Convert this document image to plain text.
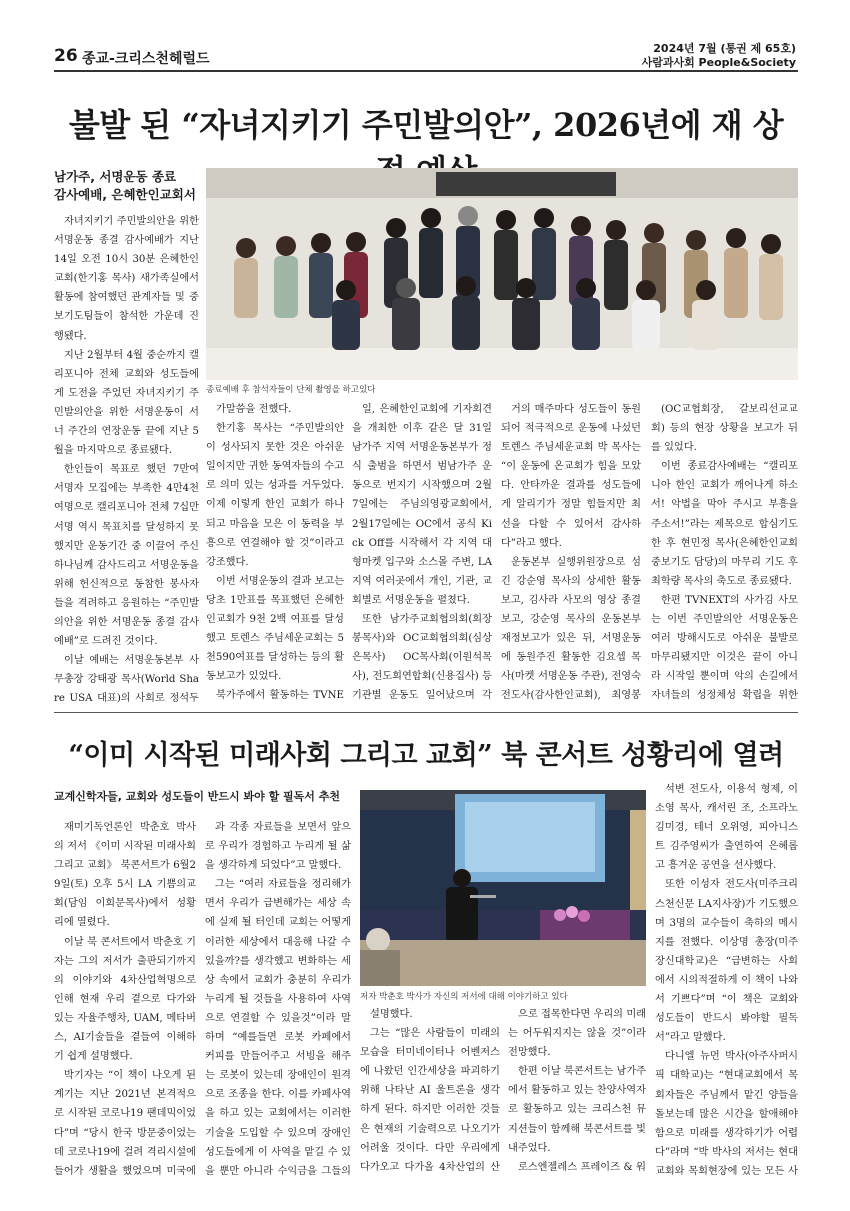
26 종교-크리스천헤럴드
2024년 7월 (통권 제 65호)
사람과사회 People&Society
불발 된 “자녀지키기 주민발의안”, 2026년에 재 상
남가주, 서명운동 종료
감사예배, 은혜한인교회서
종료예배 후 참석자들이 단체 촬영을 하고있다

자녀지키기 주민발의안을 위한 서명운동 종결 감사예배가 지난 14일 오전 10시 30분 은혜한인교회(한기홍 목사) 새가족실에서 활동에 참여했던 관계자들 및 중보기도팀들이 참석한 가운데 진행됐다.

지난 2월부터 4월 중순까지 캘리포니아 전체 교회와 성도들에게 도전을 주었던 자녀지키기 주민발의안을 위한 서명운동이 서너 주간의 연장운동 끝에 지난 5월을 마지막으로 종료됐다.

한인들이 목표로 했던 7만여 서명자 모집에는 부족한 4만4천여명으로 캘리포니아 전체 7십만 서명 역시 목표치를 달성하지 못했지만 운동기간 중 이끌어 주신 하나님께 감사드리고 서명운동을 위해 헌신적으로 동참한 봉사자들을 격려하고 응원하는 “주민발의안을 위한 서명운동 종결 감사예배”로 드려진 것이다.

이날 예배는 서명운동본부 사무총장 강태광 목사(World Share USA 대표)의 사회로 정석두

가말씀을 전했다.

한기홍 목사는 “주민발의안이 성사되지 못한 것은 아쉬운 일이지만 귀한 동역자들의 수고로 의미 있는 성과를 거두었다. 이제 이렇게 한인 교회가 하나 되고 마음을 모은 이 동력을 부흥으로 연결해야 할 것”이라고 강조했다.

이번 서명운동의 결과 보고는 당초 1만표를 목표했던 은혜한인교회가 9천 2백 여표를 달성했고 토렌스 주님세운교회는 5천590여표를 달성하는 등의 활동보고가 있었다.

북가주에서 활동하는 TVNE

일, 은혜한인교회에 기자회견을 개최한 이후 같은 달 31일 남가주 지역 서명운동본부가 정식 출범을 하면서 범남가주 운동으로 번지기 시작했으며 2월7일에는 주님의영광교회에서, 2월17일에는 OC에서 공식 Kick Off를 시작해서 각 지역 대형마켓 입구와 소스몰 주변, LA지역 여러곳에서 개인, 기관, 교회별로 서명운동을 펼쳤다.

또한 남가주교회협의회(회장 봉목사)와 OC교회협의회(심상은목사) OC목사회(이원석목사), 전도회연합회(신용집사) 등 기관별 운동도 일어났으며 각

거의 매주마다 성도들이 동원되어 적극적으로 운동에 나섰던 토렌스 주님세운교회 박 목사는 “이 운동에 온교회가 힘을 모았다. 안타까운 결과를 성도들에게 알리기가 정말 힘들지만 최선을 다할 수 있어서 감사하다”라고 했다.

운동본부 실행위원장으로 섬긴 강순영 목사의 상세한 활동보고, 김사라 사모의 영상 종결 보고, 강순영 목사의 운동본부 재정보고가 있은 뒤, 서명운동에 동원주진 활동한 김요셉 목사(마켓 서명운동 주관), 전영숙 전도사(감사한인교회), 최영봉

(OC교협회장, 갈보리선교교회) 등의 현장 상황을 보고가 뒤를 있었다.

이번 종료감사예배는 “캘리포니아 한인 교회가 깨어나게 하소서! 악법을 막아 주시고 부흥을 주소서!”라는 제목으로 합심기도한 후 현민정 목사(은혜한인교회 중보기도 담당)의 마무리 기도 후 최학량 목사의 축도로 종료됐다.

한편 TVNEXT의 사가김 사모는 이번 주민발의안 서명운동은 여러 방해시도로 아쉬운 불발로 마무리됐지만 이것은 끝이 아니라 시작일 뿐이며 악의 손길에서 자녀들의 성정체성 확립을 위한

“이미 시작된 미래사회 그리고 교회” 북 콘서트 성황리에 열려
교계신학자들, 교회와 성도들이 반드시 봐야 할 필독서 추천
저자 박춘호 박사가 자신의 저서에 대해 이야기하고 있다

재미기독언론인 박춘호 박사의 저서 《이미 시작된 미래사회 그리고 교회》 북콘서트가 6월29일(토) 오후 5시 LA 기쁨의교회(담임 이희문목사)에서 성황리에 열렸다.

이날 북 콘서트에서 박춘호 기자는 그의 저서가 출판되기까지의 이야기와 4차산업혁명으로 인해 현재 우리 곁으로 다가와 있는 자율주행차, UAM, 메타버스, AI기술들을 곁들여 이해하기 쉽게 설명했다.

박기자는 “이 책이 나오게 된 계기는 지난 2021년 본격적으로 시작된 코로나19 팬데믹이었다”며 “당시 한국 방문중이었는데 코로나19에 걸려 격리시설에 들어가 생활을 했었으며 미국에

과 각종 자료들을 보면서 앞으로 우리가 경험하고 누리게 될 삶을 생각하게 되었다”고 말했다.

그는 “여러 자료들을 정리해가면서 우리가 급변해가는 세상 속에 실제 될 터인데 교회는 어떻게 이러한 세상에서 대응해 나갈 수 있을까?를 생각했고 변화하는 세상 속에서 교회가 충분히 우리가 누리게 될 것들을 사용하여 사역으로 연결할 수 있을것”이라 말하며 “예를들면 로봇 카페에서 커피를 만들어주고 서빙을 해주는 로봇이 있는데 장애인이 원격으로 조종을 한다. 이를 카페사역을 하고 있는 교회에서는 이러한 기술을 도입할 수 있으며 장애인 성도들에게 이 사역을 맡길 수 있을 뿐만 아니라 수익금을 그들의

설명했다.

그는 “많은 사람들이 미래의 모습을 터미네이터나 어벤저스에 나왔던 인간세상을 파괴하기 위해 나타난 AI 울트론을 생각하게 된다. 하지만 이러한 것들은 현재의 기술력으로 나오기가 어려울 것이다. 다만 우리에게 다가오고 다가올 4차산업의 산

으로 접목한다면 우리의 미래는 어두워지지는 않을 것”이라 전망했다.

한편 이날 북콘서트는 남가주에서 활동하고 있는 찬양사역자로 활동하고 있는 크리스천 뮤지션들이 함께해 북콘서트를 빛내주었다.

로스엔젤레스 프레이즈 & 워

석변 전도사, 이용석 형제, 이소영 목사, 캐서린 조, 소프라노 김미경, 테너 오위영, 피아니스트 김주영씨가 출연하여 은혜롭고 흥겨운 공연을 선사했다.

또한 이성자 전도사(미주크리스천신문 LA지사장)가 기도했으며 3명의 교수들이 축하의 메시지를 전했다. 이상명 총장(미주장신대학교)은 “급변하는 사회에서 시의적절하게 이 책이 나와서 기쁘다”며 “이 책은 교회와 성도들이 반드시 봐야할 필독서”라고 말했다.

다니엘 뉴먼 박사(아주사퍼시픽 대학교)는 “현대교회에서 목회자들은 주님께서 맡긴 양들을 돌보는데 많은 시간을 할애해야 함으로 미래를 생각하기가 어렵다”라며 “박 박사의 저서는 현대 교회와 목회현장에 있는 모든 사
